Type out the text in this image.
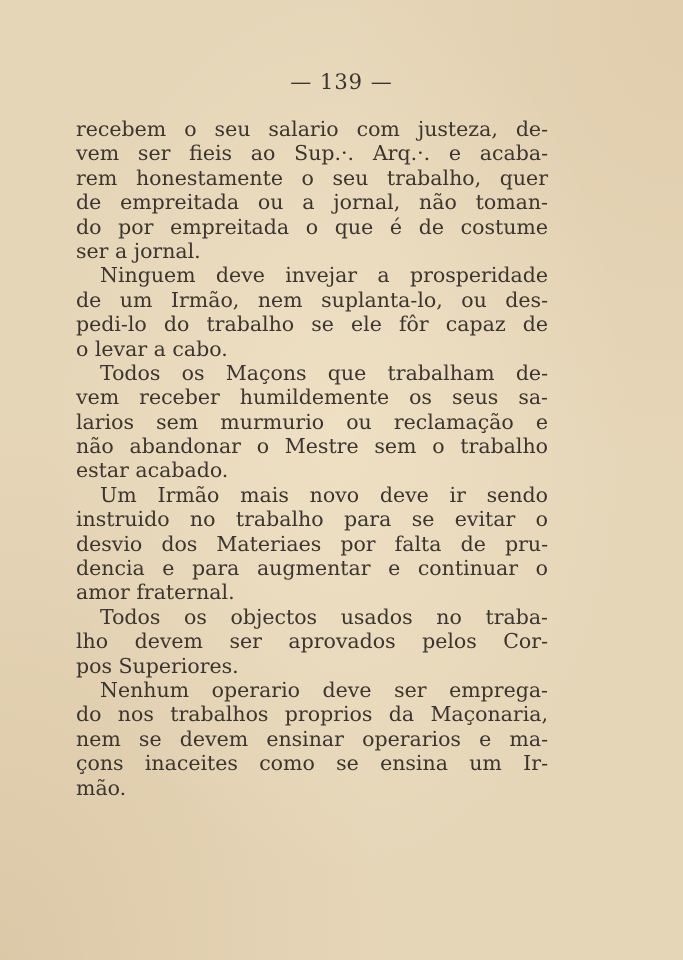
— 139 —
recebem o seu salario com justeza, de-
vem ser fieis ao Sup.·. Arq.·. e acaba-
rem honestamente o seu trabalho, quer
de empreitada ou a jornal, não toman-
do por empreitada o que é de costume
ser a jornal.
Ninguem deve invejar a prosperidade
de um Irmão, nem suplanta-lo, ou des-
pedi-lo do trabalho se ele fôr capaz de
o levar a cabo.
Todos os Maçons que trabalham de-
vem receber humildemente os seus sa-
larios sem murmurio ou reclamação e
não abandonar o Mestre sem o trabalho
estar acabado.
Um Irmão mais novo deve ir sendo
instruido no trabalho para se evitar o
desvio dos Materiaes por falta de pru-
dencia e para augmentar e continuar o
amor fraternal.
Todos os objectos usados no traba-
lho devem ser aprovados pelos Cor-
pos Superiores.
Nenhum operario deve ser emprega-
do nos trabalhos proprios da Maçonaria,
nem se devem ensinar operarios e ma-
çons inaceites como se ensina um Ir-
mão.
